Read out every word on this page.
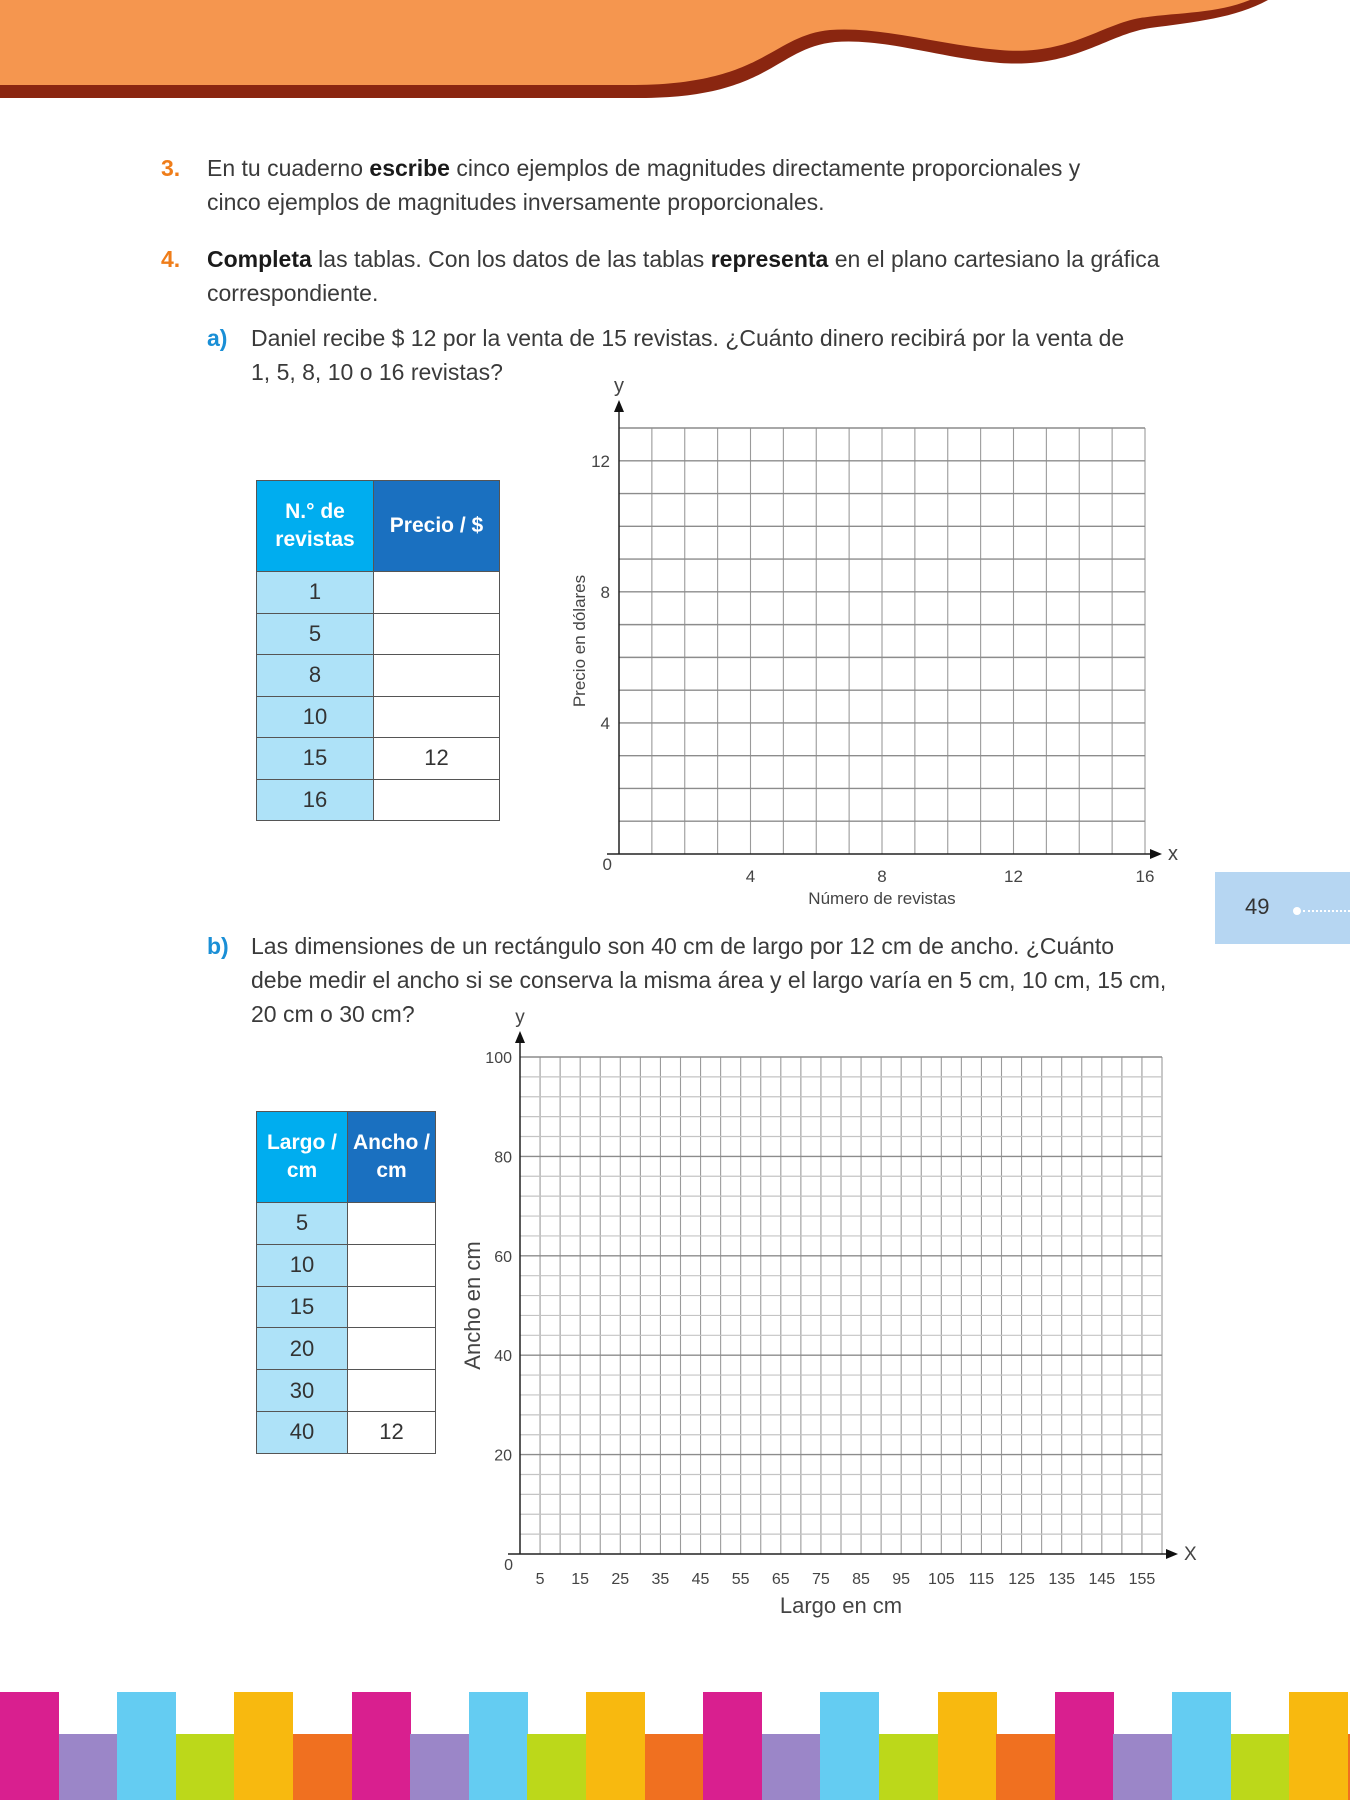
3. En tu cuaderno escribe cinco ejemplos de magnitudes directamente proporcionales y
cinco ejemplos de magnitudes inversamente proporcionales.
4. Completa las tablas. Con los datos de las tablas representa en el plano cartesiano la gráfica
correspondiente.
a) Daniel recibe $ 12 por la venta de 15 revistas. ¿Cuánto dinero recibirá por la venta de
1, 5, 8, 10 o 16 revistas?
N.° de revistas	Precio / $
1	
5	
8	
10	
15	12
16	
b) Las dimensiones de un rectángulo son 40 cm de largo por 12 cm de ancho. ¿Cuánto
debe medir el ancho si se conserva la misma área y el largo varía en 5 cm, 10 cm, 15 cm,
20 cm o 30 cm?
Largo / cm	Ancho / cm
5	
10	
15	
20	
30	
40	12
49
y
x
0
4
8
12
4	8	12	16
Precio en dólares
Número de revistas
y
X
0
20
40
60
80
100
5 15 25 35 45 55 65 75 85 95 105 115 125 135 145 155
Ancho en cm
Largo en cm
